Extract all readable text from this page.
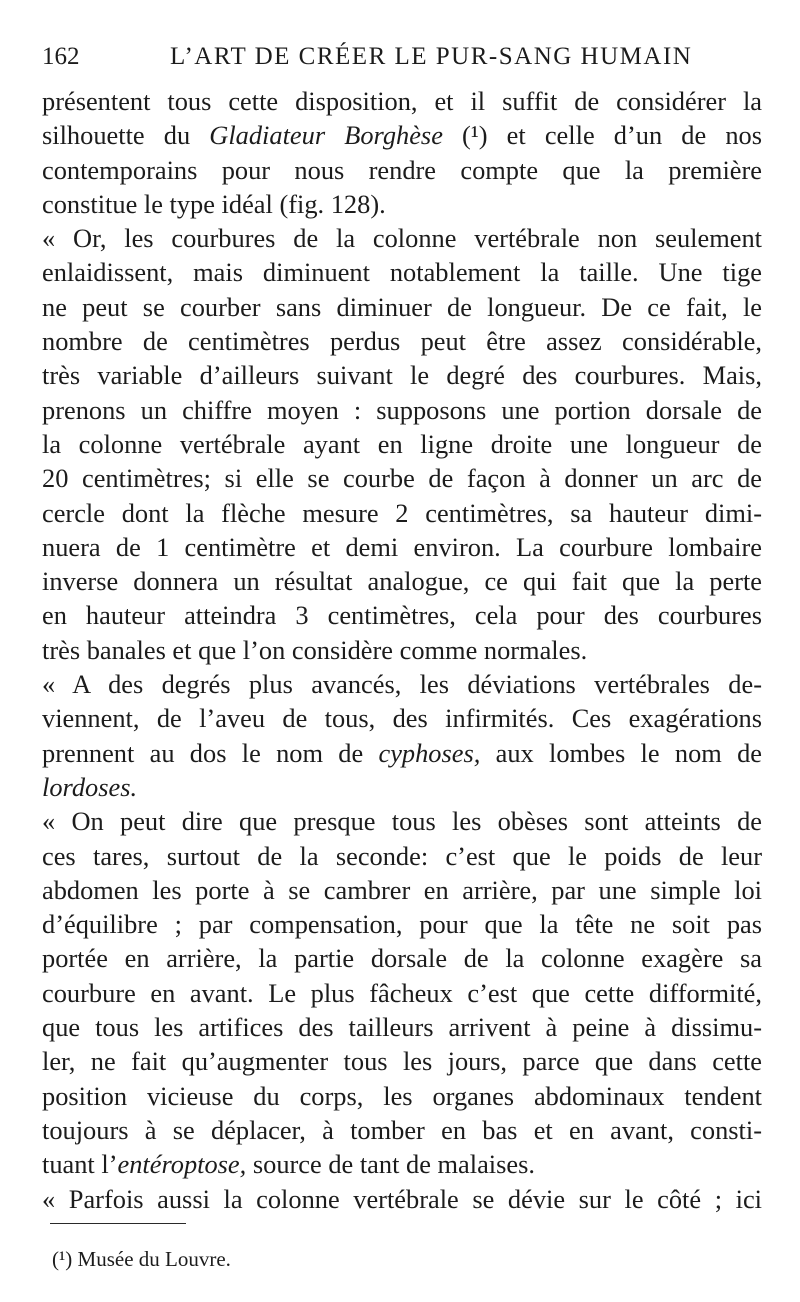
162	L’ART DE CRÉER LE PUR-SANG HUMAIN
présentent tous cette disposition, et il suffit de considérer la
silhouette du Gladiateur Borghèse (¹) et celle d’un de nos
contemporains pour nous rendre compte que la première
constitue le type idéal (fig. 128).
« Or, les courbures de la colonne vertébrale non seulement
enlaidissent, mais diminuent notablement la taille. Une tige
ne peut se courber sans diminuer de longueur. De ce fait, le
nombre de centimètres perdus peut être assez considérable,
très variable d’ailleurs suivant le degré des courbures. Mais,
prenons un chiffre moyen : supposons une portion dorsale de
la colonne vertébrale ayant en ligne droite une longueur de
20 centimètres; si elle se courbe de façon à donner un arc de
cercle dont la flèche mesure 2 centimètres, sa hauteur dimi-
nuera de 1 centimètre et demi environ. La courbure lombaire
inverse donnera un résultat analogue, ce qui fait que la perte
en hauteur atteindra 3 centimètres, cela pour des courbures
très banales et que l’on considère comme normales.
« A des degrés plus avancés, les déviations vertébrales de-
viennent, de l’aveu de tous, des infirmités. Ces exagérations
prennent au dos le nom de cyphoses, aux lombes le nom de
lordoses.
« On peut dire que presque tous les obèses sont atteints de
ces tares, surtout de la seconde: c’est que le poids de leur
abdomen les porte à se cambrer en arrière, par une simple loi
d’équilibre ; par compensation, pour que la tête ne soit pas
portée en arrière, la partie dorsale de la colonne exagère sa
courbure en avant. Le plus fâcheux c’est que cette difformité,
que tous les artifices des tailleurs arrivent à peine à dissimu-
ler, ne fait qu’augmenter tous les jours, parce que dans cette
position vicieuse du corps, les organes abdominaux tendent
toujours à se déplacer, à tomber en bas et en avant, consti-
tuant l’entéroptose, source de tant de malaises.
« Parfois aussi la colonne vertébrale se dévie sur le côté ; ici
(¹) Musée du Louvre.
